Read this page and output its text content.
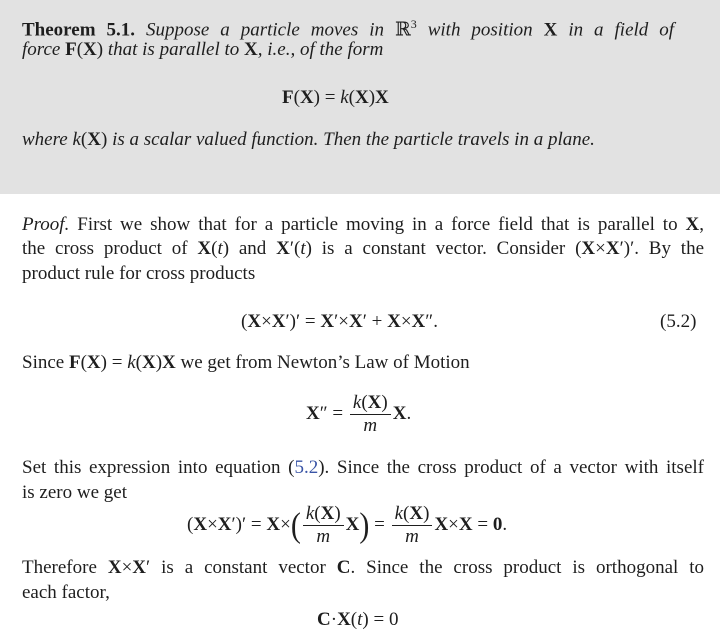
Theorem 5.1. Suppose a particle moves in ℝ$^3$ with position X in a field of
force F(X) that is parallel to X, i.e., of the form
F(X) = k(X)X
where k(X) is a scalar valued function. Then the particle travels in a plane.
Proof. First we show that for a particle moving in a force field that is parallel to X,
the cross product of X(t) and X′(t) is a constant vector. Consider (X×X′)′. By the
product rule for cross products
(X×X′)′ = X′×X′ + X×X″.	(5.2)
Since F(X) = k(X)X we get from Newton’s Law of Motion
$X'' = \frac{k(X)}{m} X$.
Set this expression into equation (5.2). Since the cross product of a vector with itself
is zero we get
$(X\times X')' = X\times( \frac{k(X)}{m} X) = \frac{k(X)}{m} X\times X = 0$.
Therefore X×X′ is a constant vector C. Since the cross product is orthogonal to
each factor,
C·X(t) = 0
